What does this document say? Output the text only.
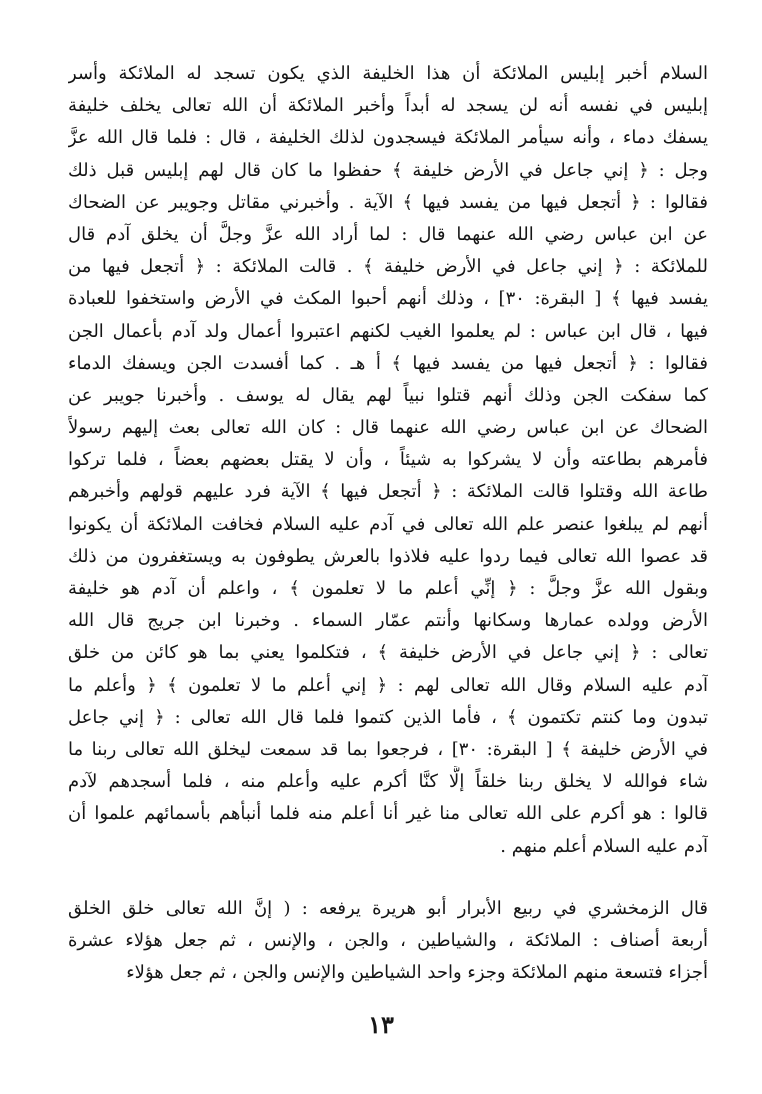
السلام أخبر إبليس الملائكة أن هذا الخليفة الذي يكون تسجد له الملائكة وأسر
إبليس في نفسه أنه لن يسجد له أبداً وأخبر الملائكة أن الله تعالى يخلف خليفة
يسفك دماء ، وأنه سيأمر الملائكة فيسجدون لذلك الخليفة ، قال : فلما قال الله عزَّ
وجل : ﴿ إني جاعل في الأرض خليفة ﴾ حفظوا ما كان قال لهم إبليس قبل ذلك
فقالوا : ﴿ أتجعل فيها من يفسد فيها ﴾ الآية . وأخبرني مقاتل وجويبر عن الضحاك
عن ابن عباس رضي الله عنهما قال : لما أراد الله عزَّ وجلَّ أن يخلق آدم قال
للملائكة : ﴿ إني جاعل في الأرض خليفة ﴾ . قالت الملائكة : ﴿ أتجعل فيها من
يفسد فيها ﴾ [ البقرة: ٣٠] ، وذلك أنهم أحبوا المكث في الأرض واستخفوا للعبادة
فيها ، قال ابن عباس : لم يعلموا الغيب لكنهم اعتبروا أعمال ولد آدم بأعمال الجن
فقالوا : ﴿ أتجعل فيها من يفسد فيها ﴾ أ هـ . كما أفسدت الجن ويسفك الدماء
كما سفكت الجن وذلك أنهم قتلوا نبياً لهم يقال له يوسف . وأخبرنا جويبر عن
الضحاك عن ابن عباس رضي الله عنهما قال : كان الله تعالى بعث إليهم رسولاً
فأمرهم بطاعته وأن لا يشركوا به شيئاً ، وأن لا يقتل بعضهم بعضاً ، فلما تركوا
طاعة الله وقتلوا قالت الملائكة : ﴿ أتجعل فيها ﴾ الآية فرد عليهم قولهم وأخبرهم
أنهم لم يبلغوا عنصر علم الله تعالى في آدم عليه السلام فخافت الملائكة أن يكونوا
قد عصوا الله تعالى فيما ردوا عليه فلاذوا بالعرش يطوفون به ويستغفرون من ذلك
وبقول الله عزَّ وجلَّ : ﴿ إنِّي أعلم ما لا تعلمون ﴾ ، واعلم أن آدم هو خليفة
الأرض وولده عمارها وسكانها وأنتم عمّار السماء . وخبرنا ابن جريج قال الله
تعالى : ﴿ إني جاعل في الأرض خليفة ﴾ ، فتكلموا يعني بما هو كائن من خلق
آدم عليه السلام وقال الله تعالى لهم : ﴿ إني أعلم ما لا تعلمون ﴾ ﴿ وأعلم ما
تبدون وما كنتم تكتمون ﴾ ، فأما الذين كتموا فلما قال الله تعالى : ﴿ إني جاعل
في الأرض خليفة ﴾ [ البقرة: ٣٠] ، فرجعوا بما قد سمعت ليخلق الله تعالى ربنا ما
شاء فوالله لا يخلق ربنا خلقاً إلَّا كنَّا أكرم عليه وأعلم منه ، فلما أسجدهم لآدم
قالوا : هو أكرم على الله تعالى منا غير أنا أعلم منه فلما أنبأهم بأسمائهم علموا أن
آدم عليه السلام أعلم منهم .
قال الزمخشري في ربيع الأبرار أبو هريرة يرفعه : ( إنَّ الله تعالى خلق الخلق
أربعة أصناف : الملائكة ، والشياطين ، والجن ، والإنس ، ثم جعل هؤلاء عشرة
أجزاء فتسعة منهم الملائكة وجزء واحد الشياطين والإنس والجن ، ثم جعل هؤلاء
١٣
